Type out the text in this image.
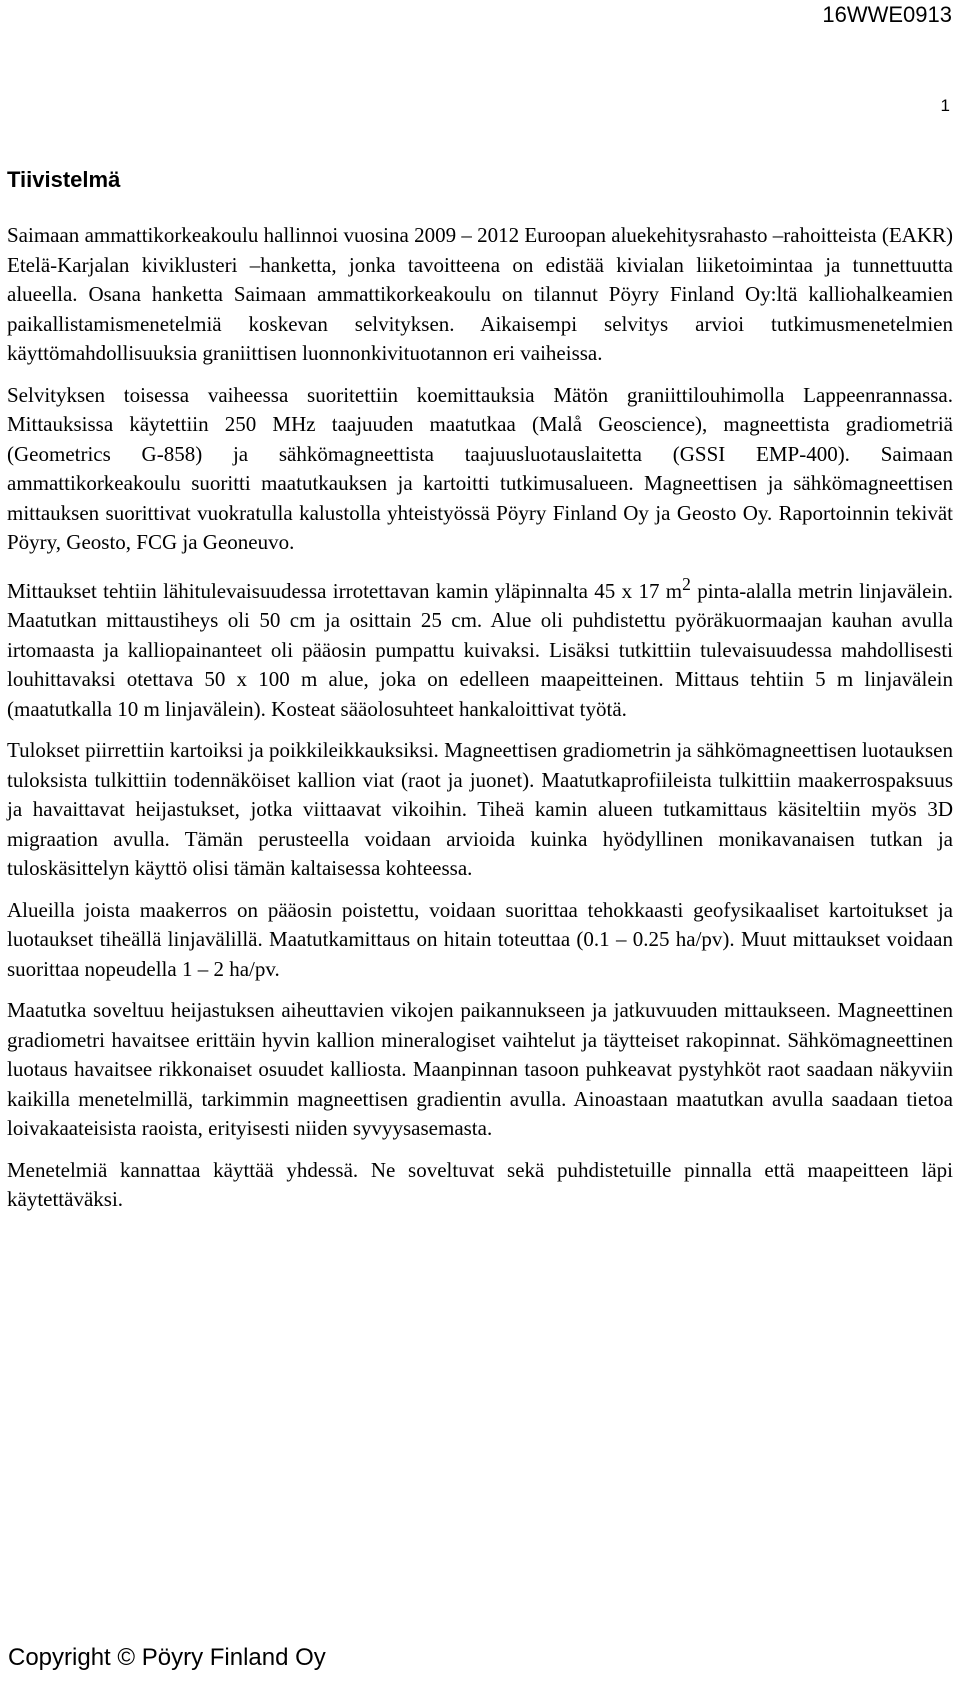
16WWE0913
1
Tiivistelmä

Saimaan ammattikorkeakoulu hallinnoi vuosina 2009 – 2012 Euroopan aluekehitysrahasto –rahoitteista (EAKR) Etelä-Karjalan kiviklusteri –hanketta, jonka tavoitteena on edistää kivialan liiketoimintaa ja tunnettuutta alueella. Osana hanketta Saimaan ammattikorkeakoulu on tilannut Pöyry Finland Oy:ltä kalliohalkeamien paikallistamismenetelmiä koskevan selvityksen. Aikaisempi selvitys arvioi tutkimusmenetelmien käyttömahdollisuuksia graniittisen luonnonkivituotannon eri vaiheissa.

Selvityksen toisessa vaiheessa suoritettiin koemittauksia Mätön graniittilouhimolla Lappeenrannassa. Mittauksissa käytettiin 250 MHz taajuuden maatutkaa (Malå Geoscience), magneettista gradiometriä (Geometrics G-858) ja sähkömagneettista taajuusluotauslaitetta (GSSI EMP-400). Saimaan ammattikorkeakoulu suoritti maatutkauksen ja kartoitti tutkimusalueen. Magneettisen ja sähkömagneettisen mittauksen suorittivat vuokratulla kalustolla yhteistyössä Pöyry Finland Oy ja Geosto Oy. Raportoinnin tekivät Pöyry, Geosto, FCG ja Geoneuvo.

Mittaukset tehtiin lähitulevaisuudessa irrotettavan kamin yläpinnalta 45 x 17 $m^2$ pinta-alalla metrin linjavälein. Maatutkan mittaustiheys oli 50 cm ja osittain 25 cm. Alue oli puhdistettu pyöräkuormaajan kauhan avulla irtomaasta ja kalliopainanteet oli pääosin pumpattu kuivaksi. Lisäksi tutkittiin tulevaisuudessa mahdollisesti louhittavaksi otettava 50 x 100 m alue, joka on edelleen maapeitteinen. Mittaus tehtiin 5 m linjavälein (maatutkalla 10 m linjavälein). Kosteat sääolosuhteet hankaloittivat työtä.

Tulokset piirrettiin kartoiksi ja poikkileikkauksiksi. Magneettisen gradiometrin ja sähkömagneettisen luotauksen tuloksista tulkittiin todennäköiset kallion viat (raot ja juonet). Maatutkaprofiileista tulkittiin maakerrospaksuus ja havaittavat heijastukset, jotka viittaavat vikoihin. Tiheä kamin alueen tutkamittaus käsiteltiin myös 3D migraation avulla. Tämän perusteella voidaan arvioida kuinka hyödyllinen monikavanaisen tutkan ja tuloskäsittelyn käyttö olisi tämän kaltaisessa kohteessa.

Alueilla joista maakerros on pääosin poistettu, voidaan suorittaa tehokkaasti geofysikaaliset kartoitukset ja luotaukset tiheällä linjavälillä. Maatutkamittaus on hitain toteuttaa (0.1 – 0.25 ha/pv). Muut mittaukset voidaan suorittaa nopeudella 1 – 2 ha/pv.

Maatutka soveltuu heijastuksen aiheuttavien vikojen paikannukseen ja jatkuvuuden mittaukseen. Magneettinen gradiometri havaitsee erittäin hyvin kallion mineralogiset vaihtelut ja täytteiset rakopinnat. Sähkömagneettinen luotaus havaitsee rikkonaiset osuudet kalliosta. Maanpinnan tasoon puhkeavat pystyhköt raot saadaan näkyviin kaikilla menetelmillä, tarkimmin magneettisen gradientin avulla. Ainoastaan maatutkan avulla saadaan tietoa loivakaateisista raoista, erityisesti niiden syvyysasemasta.

Menetelmiä kannattaa käyttää yhdessä. Ne soveltuvat sekä puhdistetuille pinnalla että maapeitteen läpi käytettäväksi.

Copyright © Pöyry Finland Oy
